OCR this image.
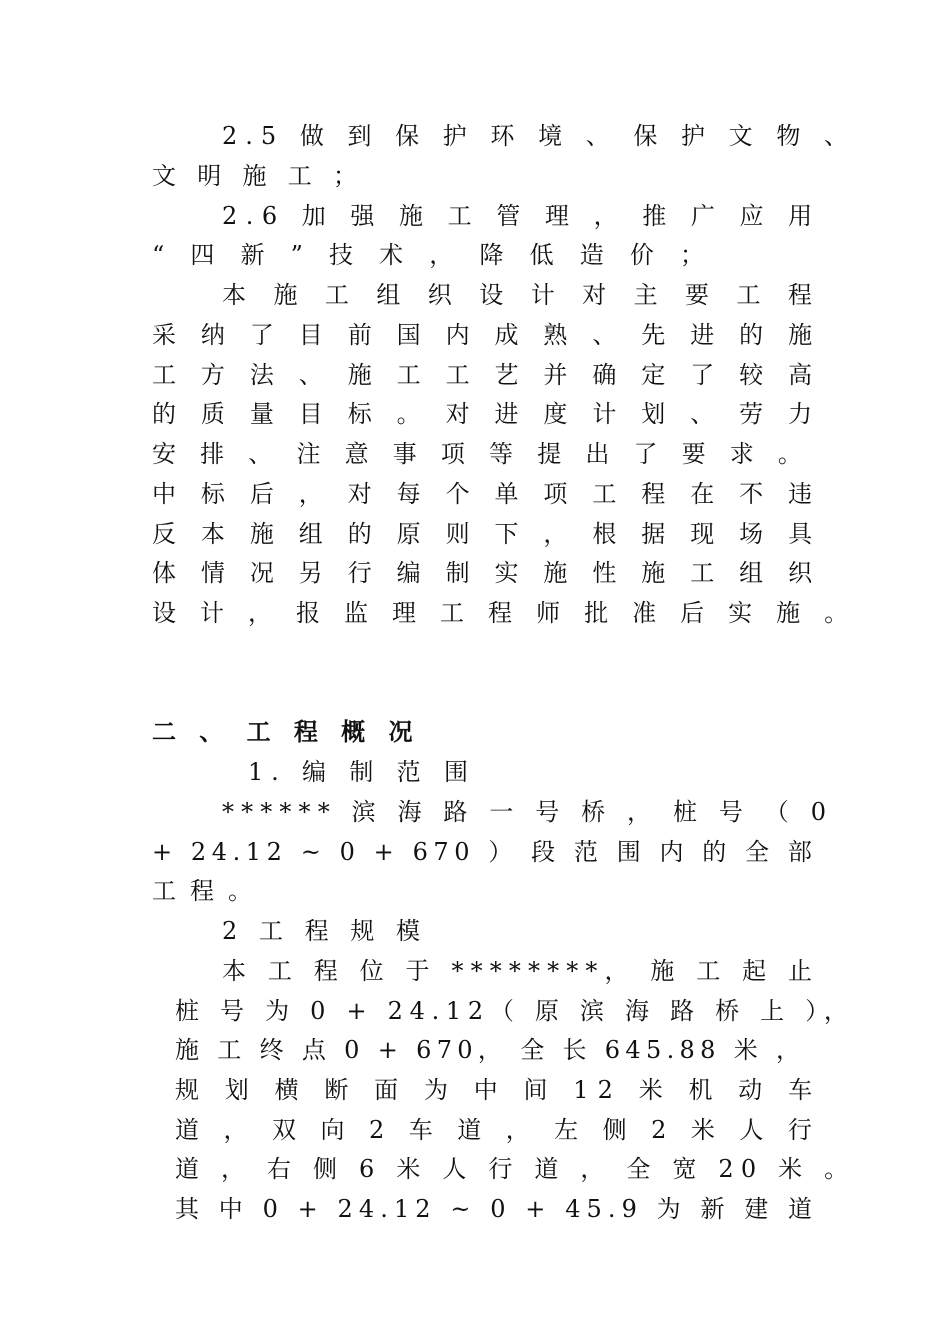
2.5 做 到 保 护 环 境 、 保 护 文 物 、

文 明 施 工 ；

2.6 加 强 施 工 管 理 ， 推 广 应 用

“ 四 新 ” 技 术 ， 降 低 造 价 ；

本 施 工 组 织 设 计 对 主 要 工 程

采 纳 了 目 前 国 内 成 熟 、 先 进 的 施

工 方 法 、 施 工 工 艺 并 确 定 了 较 高

的 质 量 目 标 。 对 进 度 计 划 、 劳 力

安 排 、 注 意 事 项 等 提 出 了 要 求 。

中 标 后 ， 对 每 个 单 项 工 程 在 不 违

反 本 施 组 的 原 则 下 ， 根 据 现 场 具

体 情 况 另 行 编 制 实 施 性 施 工 组 织

设 计 ， 报 监 理 工 程 师 批 准 后 实 施 。

二 、 工 程 概 况

1. 编 制 范 围

****** 滨 海 路 一 号 桥 ， 桩 号 （ 0

+ 24.12 ~ 0 + 670 ） 段 范 围 内 的 全 部

工 程 。

2 工 程 规 模

本 工 程 位 于 ********， 施 工 起 止

桩 号 为 0 + 24.12（ 原 滨 海 路 桥 上 ），

施 工 终 点 0 + 670， 全 长 645.88 米 ，

规 划 横 断 面 为 中 间 12 米 机 动 车

道 ， 双 向 2 车 道 ， 左 侧 2 米 人 行

道 ， 右 侧 6 米 人 行 道 ， 全 宽 20 米 。

其 中 0 + 24.12 ~ 0 + 45.9 为 新 建 道
